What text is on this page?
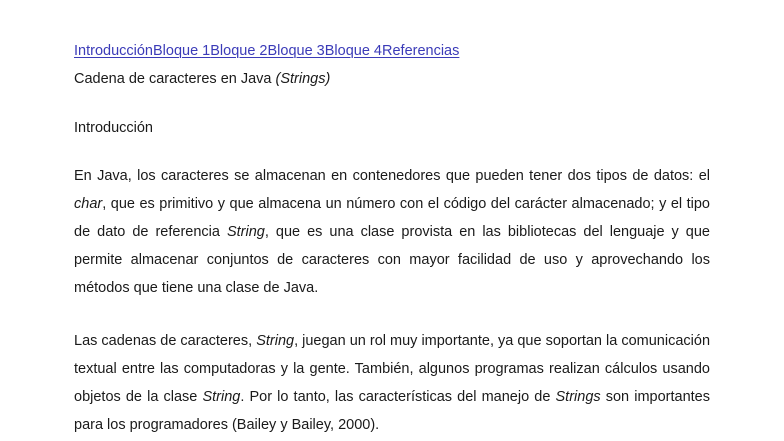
IntroducciónBloque 1Bloque 2Bloque 3Bloque 4Referencias
Cadena de caracteres en Java (Strings)
Introducción
En Java, los caracteres se almacenan en contenedores que pueden tener dos tipos de datos: el char, que es primitivo y que almacena un número con el código del carácter almacenado; y el tipo de dato de referencia String, que es una clase provista en las bibliotecas del lenguaje y que permite almacenar conjuntos de caracteres con mayor facilidad de uso y aprovechando los métodos que tiene una clase de Java.
Las cadenas de caracteres, String, juegan un rol muy importante, ya que soportan la comunicación textual entre las computadoras y la gente. También, algunos programas realizan cálculos usando objetos de la clase String. Por lo tanto, las características del manejo de Strings son importantes para los programadores (Bailey y Bailey, 2000).
